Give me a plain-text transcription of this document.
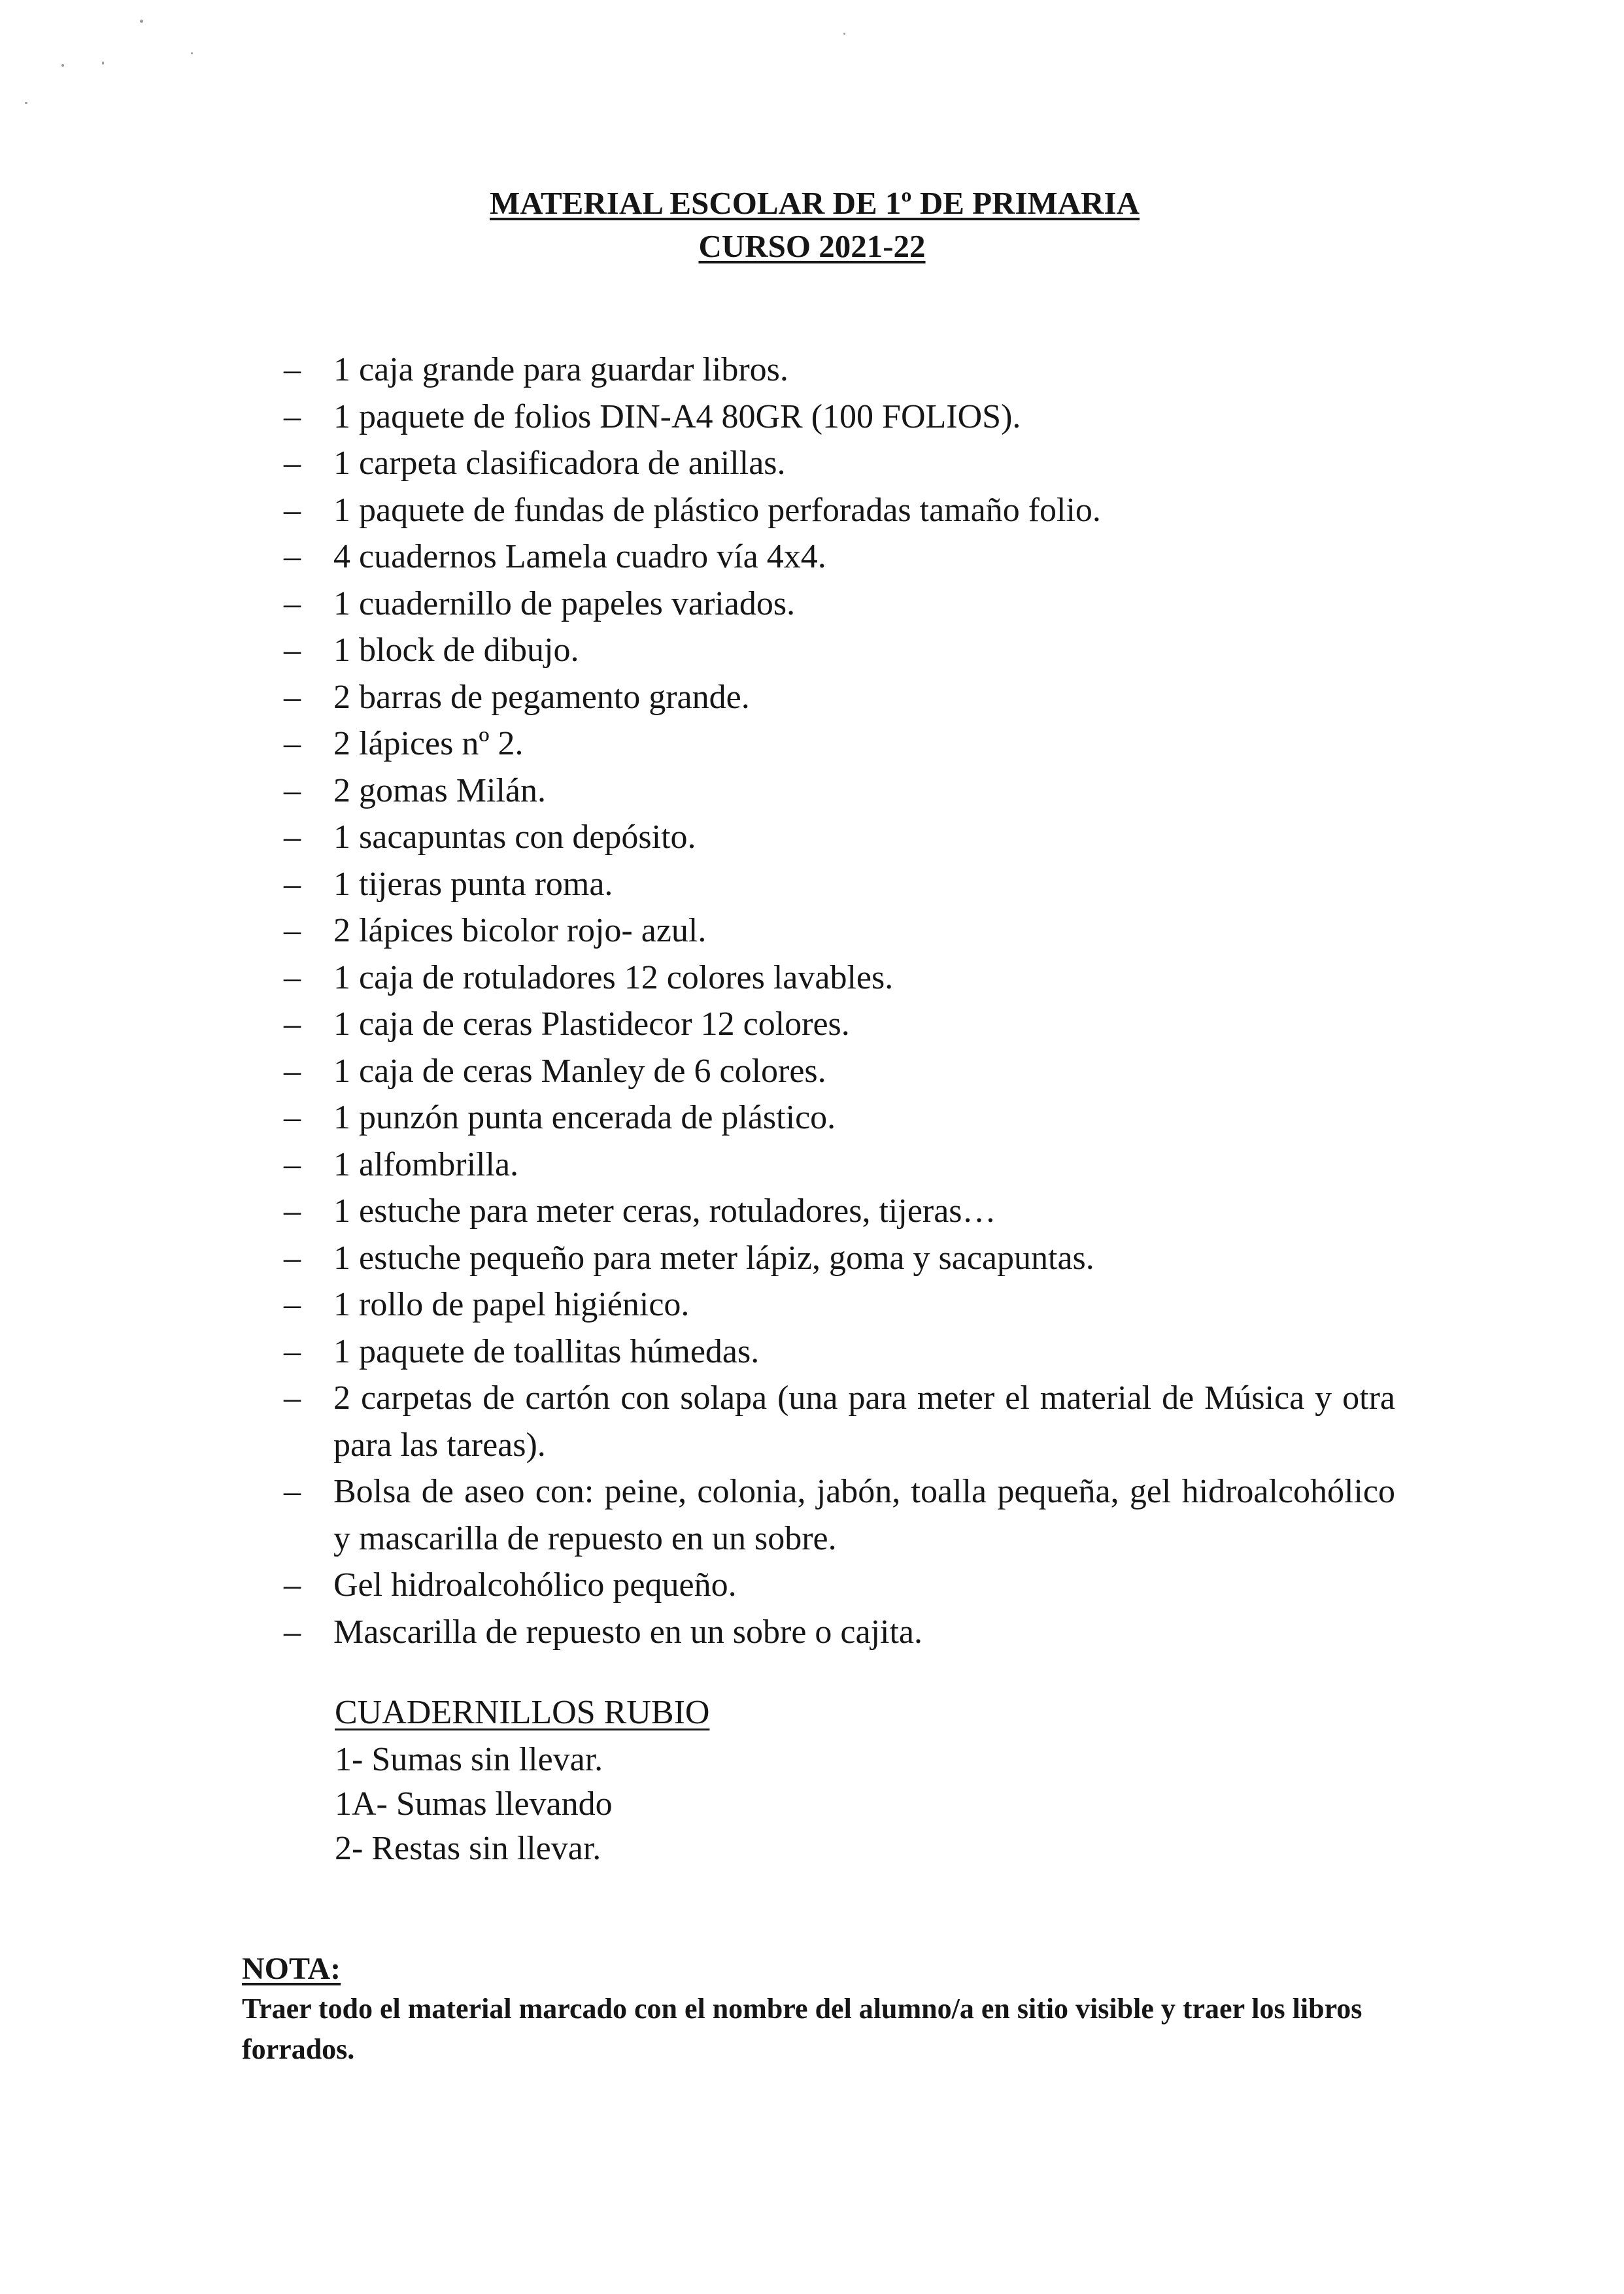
MATERIAL ESCOLAR DE 1º DE PRIMARIA
CURSO 2021-22
– 1 caja grande para guardar libros.
– 1 paquete de folios DIN-A4 80GR (100 FOLIOS).
– 1 carpeta clasificadora de anillas.
– 1 paquete de fundas de plástico perforadas tamaño folio.
– 4 cuadernos Lamela cuadro vía 4x4.
– 1 cuadernillo de papeles variados.
– 1 block de dibujo.
– 2 barras de pegamento grande.
– 2 lápices nº 2.
– 2 gomas Milán.
– 1 sacapuntas con depósito.
– 1 tijeras punta roma.
– 2 lápices bicolor rojo- azul.
– 1 caja de rotuladores 12 colores lavables.
– 1 caja de ceras Plastidecor 12 colores.
– 1 caja de ceras Manley de 6 colores.
– 1 punzón punta encerada de plástico.
– 1 alfombrilla.
– 1 estuche para meter ceras, rotuladores, tijeras…
– 1 estuche pequeño para meter lápiz, goma y sacapuntas.
– 1 rollo de papel higiénico.
– 1 paquete de toallitas húmedas.
– 2 carpetas de cartón con solapa (una para meter el material de Música y otra para las tareas).
– Bolsa de aseo con: peine, colonia, jabón, toalla pequeña, gel hidroalcohólico y mascarilla de repuesto en un sobre.
– Gel hidroalcohólico pequeño.
– Mascarilla de repuesto en un sobre o cajita.
CUADERNILLOS RUBIO
1- Sumas sin llevar.
1A- Sumas llevando
2- Restas sin llevar.
NOTA:
Traer todo el material marcado con el nombre del alumno/a en sitio visible y traer los libros forrados.
